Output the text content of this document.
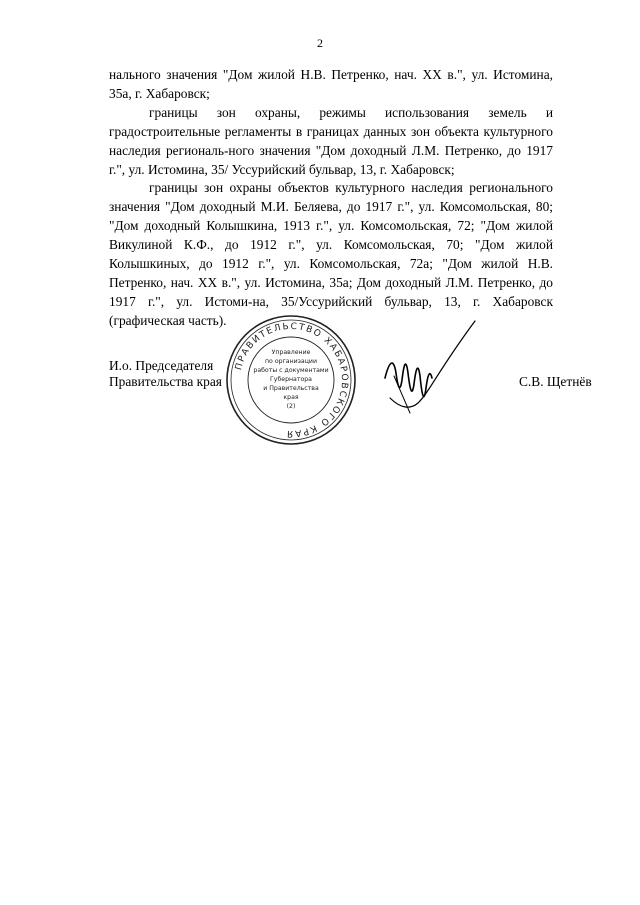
2

нального значения "Дом жилой Н.В. Петренко, нач. XX в.", ул. Истомина, 35а, г. Хабаровск;

границы зон охраны, режимы использования земель и градостроительные регламенты в границах данных зон объекта культурного наследия региональ-ного значения "Дом доходный Л.М. Петренко, до 1917 г.", ул. Истомина, 35/ Уссурийский бульвар, 13, г. Хабаровск;

границы зон охраны объектов культурного наследия регионального значения "Дом доходный М.И. Беляева, до 1917 г.", ул. Комсомольская, 80; "Дом доходный Колышкина, 1913 г.", ул. Комсомольская, 72; "Дом жилой Викулиной К.Ф., до 1912 г.", ул. Комсомольская, 70; "Дом жилой Колышкиных, до 1912 г.", ул. Комсомольская, 72а; "Дом жилой Н.В. Петренко, нач. XX в.", ул. Истомина, 35а; Дом доходный Л.М. Петренко, до 1917 г.", ул. Истоми-на, 35/Уссурийский бульвар, 13, г. Хабаровск (графическая часть).

И.о. Председателя
Правительства края
ПРАВИТЕЛЬСТВО ХАБАРОВСКОГО КРАЯ
Управление
по организации
работы с документами
Губернатора
и Правительства
края
(2)
С.В. Щетнёв
